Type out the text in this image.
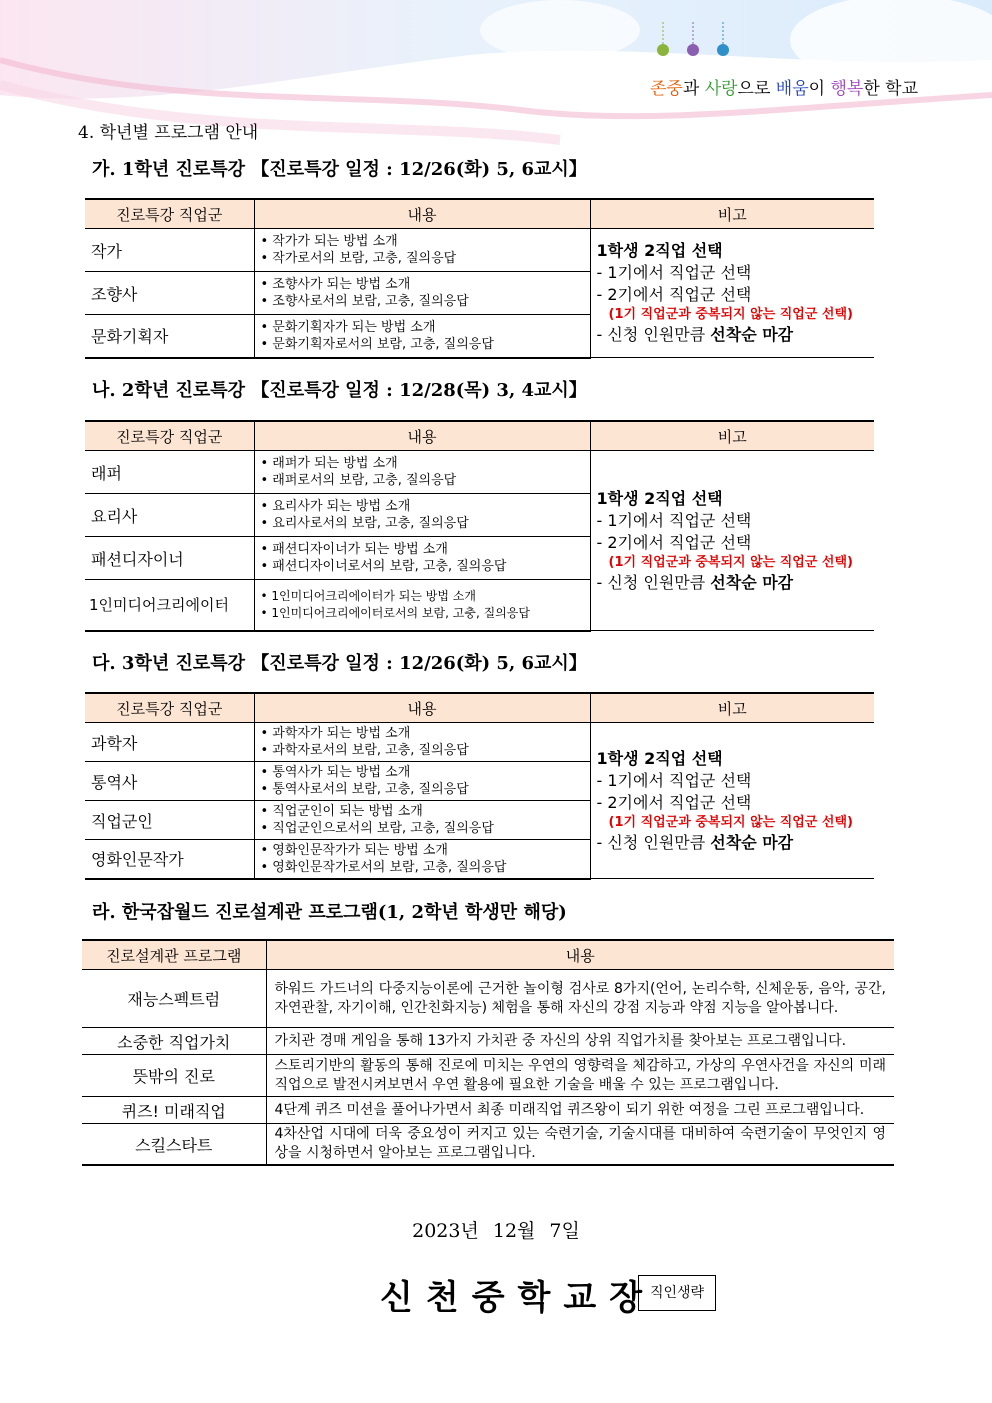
존중과 사랑으로 배움이 행복한 학교
4. 학년별 프로그램 안내
가. 1학년 진로특강 【진로특강 일정 : 12/26(화) 5, 6교시】
진로특강 직업군	내용	비고
작가	• 작가가 되는 방법 소개
• 작가로서의 보람, 고충, 질의응답	1학생 2직업 선택
- 1기에서 직업군 선택
- 2기에서 직업군 선택
(1기 직업군과 중복되지 않는 직업군 선택)
- 신청 인원만큼 선착순 마감
조향사	• 조향사가 되는 방법 소개
• 조향사로서의 보람, 고충, 질의응답	

문화기획자	• 문화기획자가 되는 방법 소개
• 문화기획자로서의 보람, 고충, 질의응답	
나. 2학년 진로특강 【진로특강 일정 : 12/28(목) 3, 4교시】
진로특강 직업군	내용	비고
래퍼	• 래퍼가 되는 방법 소개
• 래퍼로서의 보람, 고충, 질의응답	1학생 2직업 선택
- 1기에서 직업군 선택
- 2기에서 직업군 선택
(1기 직업군과 중복되지 않는 직업군 선택)
- 신청 인원만큼 선착순 마감
요리사	• 요리사가 되는 방법 소개
• 요리사로서의 보람, 고충, 질의응답	

패션디자이너	• 패션디자이너가 되는 방법 소개
• 패션디자이너로서의 보람, 고충, 질의응답	

1인미디어크리에이터	• 1인미디어크리에이터가 되는 방법 소개
• 1인미디어크리에이터로서의 보람, 고충, 질의응답	
다. 3학년 진로특강 【진로특강 일정 : 12/26(화) 5, 6교시】
진로특강 직업군	내용	비고
과학자	• 과학자가 되는 방법 소개
• 과학자로서의 보람, 고충, 질의응답	1학생 2직업 선택
- 1기에서 직업군 선택
- 2기에서 직업군 선택
(1기 직업군과 중복되지 않는 직업군 선택)
- 신청 인원만큼 선착순 마감
통역사	• 통역사가 되는 방법 소개
• 통역사로서의 보람, 고충, 질의응답	

직업군인	• 직업군인이 되는 방법 소개
• 직업군인으로서의 보람, 고충, 질의응답	

영화인문작가	• 영화인문작가가 되는 방법 소개
• 영화인문작가로서의 보람, 고충, 질의응답	
라. 한국잡월드 진로설계관 프로그램(1, 2학년 학생만 해당)
진로설계관 프로그램	내용
재능스펙트럼	하워드 가드너의 다중지능이론에 근거한 놀이형 검사로 8가지(언어, 논리수학, 신체운동, 음악, 공간, 자연관찰, 자기이해, 인간친화지능) 체험을 통해 자신의 강점 지능과 약점 지능을 알아봅니다.
소중한 직업가치	가치관 경매 게임을 통해 13가지 가치관 중 자신의 상위 직업가치를 찾아보는 프로그램입니다.
뜻밖의 진로	스토리기반의 활동의 통해 진로에 미치는 우연의 영향력을 체감하고, 가상의 우연사건을 자신의 미래직업으로 발전시켜보면서 우연 활용에 필요한 기술을 배울 수 있는 프로그램입니다.
퀴즈! 미래직업	4단계 퀴즈 미션을 풀어나가면서 최종 미래직업 퀴즈왕이 되기 위한 여정을 그린 프로그램입니다.
스킬스타트	4차산업 시대에 더욱 중요성이 커지고 있는 숙련기술, 기술시대를 대비하여 숙련기술이 무엇인지 영상을 시청하면서 알아보는 프로그램입니다.
2023년 12월 7일
신천중학교장
직인생략
